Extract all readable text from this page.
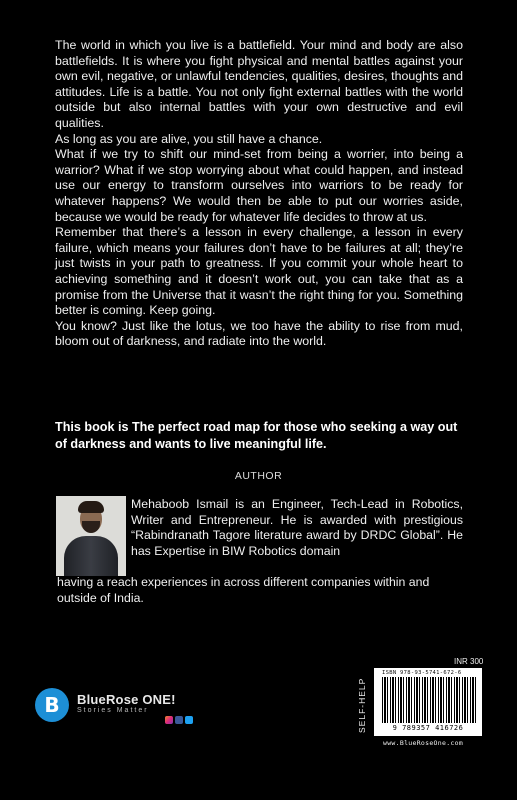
The world in which you live is a battlefield. Your mind and body are also battlefields. It is where you fight physical and mental battles against your own evil, negative, or unlawful tendencies, qualities, desires, thoughts and attitudes. Life is a battle. You not only fight external battles with the world outside but also internal battles with your own destructive and evil qualities.

As long as you are alive, you still have a chance.

What if we try to shift our mind-set from being a worrier, into being a warrior? What if we stop worrying about what could happen, and instead use our energy to transform ourselves into warriors to be ready for whatever happens? We would then be able to put our worries aside, because we would be ready for whatever life decides to throw at us.

Remember that there’s a lesson in every challenge, a lesson in every failure, which means your failures don’t have to be failures at all; they’re just twists in your path to greatness. If you commit your whole heart to achieving something and it doesn’t work out, you can take that as a promise from the Universe that it wasn’t the right thing for you. Something better is coming. Keep going.

You know? Just like the lotus, we too have the ability to rise from mud, bloom out of darkness, and radiate into the world.

This book is The perfect road map for those who seeking a way out of darkness and wants to live meaningful life.
AUTHOR
Mehaboob Ismail is an Engineer, Tech-Lead in Robotics, Writer and Entrepreneur. He is awarded with prestigious “Rabindranath Tagore literature award by DRDC Global”. He has Expertise in BIW Robotics domain
having a reach experiences in across different companies within and outside of India.
B BlueRose ONE!
Stories Matter
INR 300
SELF-HELP
ISBN 978-93-5741-672-6
9 789357 416726
www.BlueRoseOne.com
